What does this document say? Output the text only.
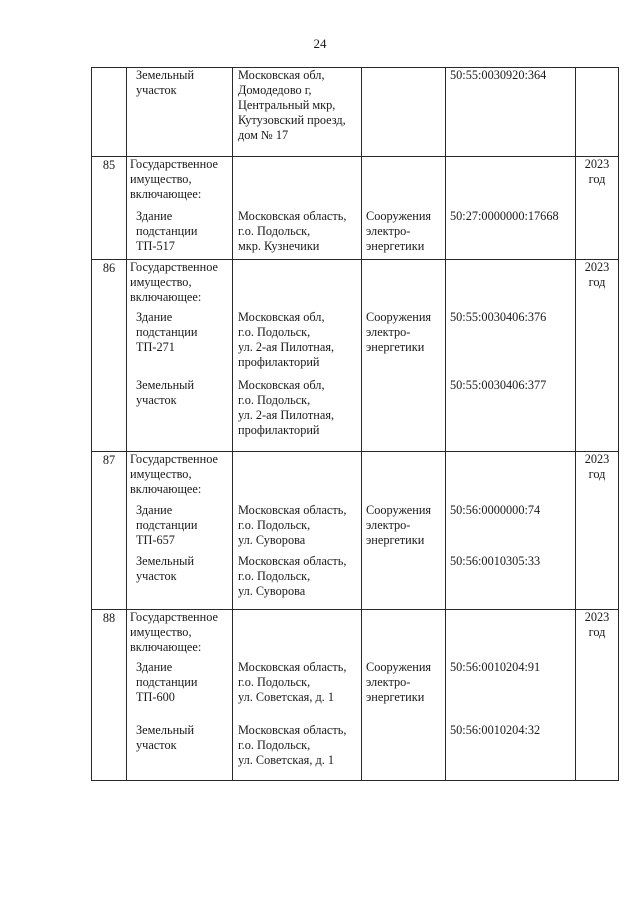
24

	Земельный
участок	Московская обл,
Домодедово г,
Центральный мкр,
Кутузовский проезд,
дом № 17		50:55:0030920:364	
85	Государственное
имущество,
включающее:				2023
год

	Здание
подстанции
ТП-517	Московская область,
г.о. Подольск,
мкр. Кузнечики	Сооружения
электро-
энергетики	50:27:0000000:17668	
86	Государственное
имущество,
включающее:				2023
год

	Здание
подстанции
ТП-271	Московская обл,
г.о. Подольск,
ул. 2-ая Пилотная,
профилакторий	Сооружения
электро-
энергетики	50:55:0030406:376	

	Земельный
участок	Московская обл,
г.о. Подольск,
ул. 2-ая Пилотная,
профилакторий		50:55:0030406:377	
87	Государственное
имущество,
включающее:				2023
год

	Здание
подстанции
ТП-657	Московская область,
г.о. Подольск,
ул. Суворова	Сооружения
электро-
энергетики	50:56:0000000:74	

	Земельный
участок	Московская область,
г.о. Подольск,
ул. Суворова		50:56:0010305:33	
88	Государственное
имущество,
включающее:				2023
год

	Здание
подстанции
ТП-600	Московская область,
г.о. Подольск,
ул. Советская, д. 1	Сооружения
электро-
энергетики	50:56:0010204:91	

	Земельный
участок	Московская область,
г.о. Подольск,
ул. Советская, д. 1		50:56:0010204:32	
